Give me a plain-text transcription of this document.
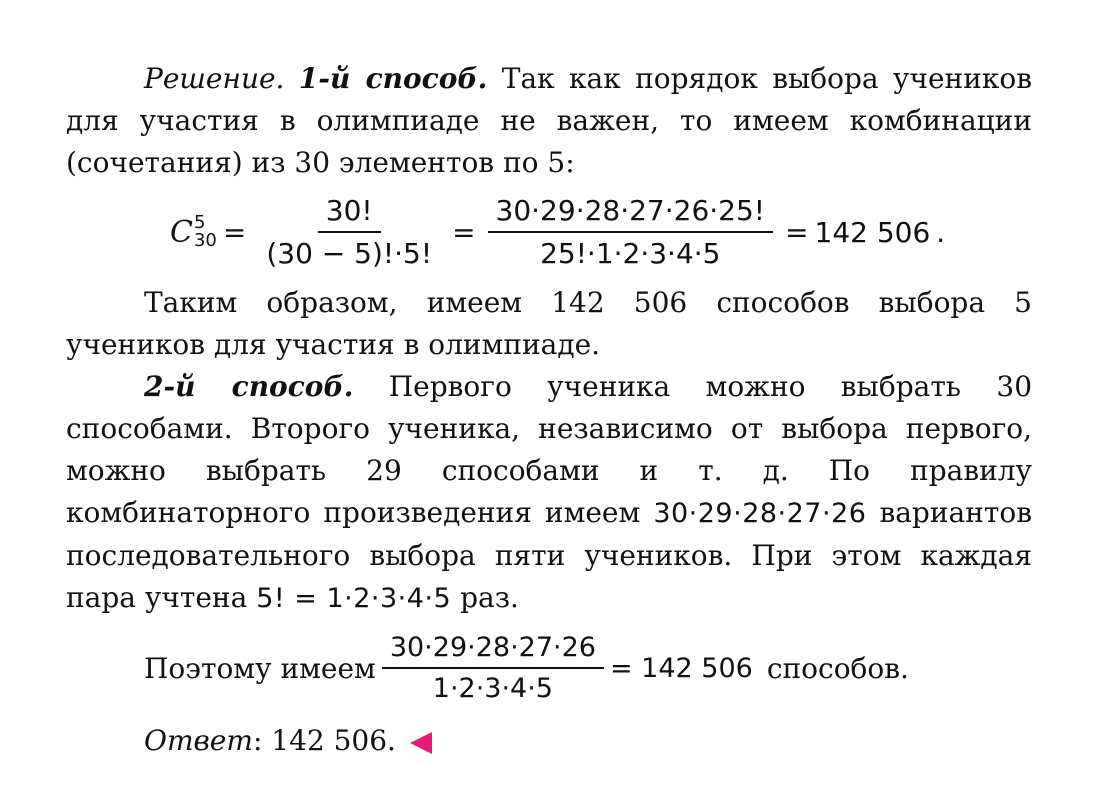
Решение. 1-й способ. Так как порядок выбора учеников для участия в олимпиаде не важен, то имеем комбинации (сочетания) из 30 элементов по 5:
C 5
$30 = \frac{30!}{(30 - 5)!\cdot 5!} = \frac{30\cdot 29\cdot 28\cdot 27\cdot 26\cdot 25!}{25!\cdot 1\cdot 2\cdot 3\cdot 4\cdot 5} = 142$ 506 .
Таким образом, имеем 142 506 способов выбора 5 учеников для участия в олимпиаде.
2-й способ. Первого ученика можно выбрать 30 способами. Второго ученика, независимо от выбора первого, можно выбрать 29 способами и т. д. По правилу комбинаторного произведения имеем 30·29·28·27·26 вариантов последовательного выбора пяти учеников. При этом каждая пара учтена 5! = 1·2·3·4·5 раз.
Поэтому имеем $\frac{30\cdot 29\cdot 28\cdot 27\cdot 26}{1\cdot 2\cdot 3\cdot 4\cdot 5} = 142$ 506 способов.
Ответ: 142 506.
